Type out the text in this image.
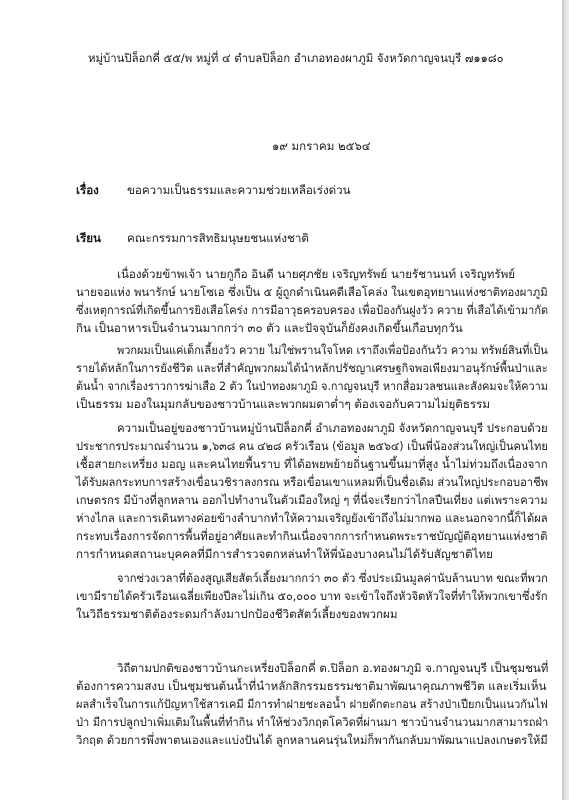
หมู่บ้านปิล็อกคี่ ๕๕/พ หมู่ที่ ๔ ตำบลปิล็อก อำเภอทองผาภูมิ จังหวัดกาญจนบุรี ๗๑๑๘๐
๑๙ มกราคม ๒๕๖๔
เรื่อง ขอความเป็นธรรมและความช่วยเหลือเร่งด่วน
เรียน คณะกรรมการสิทธิมนุษยชนแห่งชาติ
เนื่องด้วยข้าพเจ้า นายกูกือ อินดี นายศุภชัย เจริญทรัพย์ นายรัชานนท์ เจริญทรัพย์
นายจอแห่ง พนารักษ์ นายโซเอ ซึ่งเป็น ๕ ผู้ถูกดำเนินคดีเสือโคล่ง ในเขตอุทยานแห่งชาติทองผาภูมิ
ซึ่งเหตุการณ์ที่เกิดขึ้นการยิงเสือโคร่ง การมีอาวุธครอบครอง เพื่อป้องกันฝูงวัว ควาย ที่เสือได้เข้ามากัด
กิน เป็นอาหารเป็นจำนวนมากกว่า ๓๐ ตัว และปัจจุบันก็ยังคงเกิดขึ้นเกือบทุกวัน
พวกผมเป็นแค่เด็กเลี้ยงวัว ควาย ไม่ใช่พรานใจโหด เราถึงเพื่อป้องกันวัว ความ ทรัพย์สินที่เป็น
รายได้หลักในการยังชีวิต และที่สำคัญพวกผมได้นำหลักปรัชญาเศรษฐกิจพอเพียงมาอนุรักษ์พื้นป่าและ
ต้นน้ำ จากเรื่องราวการฆ่าเสือ 2 ตัว ในป่าทองผาภูมิ จ.กาญจนบุรี หากสื่อมวลชนและสังคมจะให้ความ
เป็นธรรม มองในมุมกลับของชาวบ้านและพวกผมดาต่ำๆ ต้องเจอกับความไม่ยุติธรรม
ความเป็นอยู่ของชาวบ้านหมู่บ้านปิล็อกคี่ อำเภอทองผาภูมิ จังหวัดกาญจนบุรี ประกอบด้วย
ประชากรประมาณจำนวน ๑,๖๓๘ คน ๔๒๘ ครัวเรือน (ข้อมูล ๒๕๖๔) เป็นพี่น้องส่วนใหญ่เป็นคนไทย
เชื้อสายกะเหรี่ยง มอญ และคนไทยพื้นราบ ที่ได้อพยพย้ายถิ่นฐานขึ้นมาที่สูง น้ำไม่ท่วมถึงเนื่องจาก
ได้รับผลกระทบการสร้างเขื่อนวชิราลงกรณ หรือเขื่อนเขาแหลมที่เป็นชื่อเดิม ส่วนใหญ่ประกอบอาชีพ
เกษตรกร มีบ้างที่ลูกหลาน ออกไปทำงานในตัวเมืองใหญ่ ๆ ที่นี่จะเรียกว่าไกลปืนเที่ยง แต่เพราะความ
ห่างไกล และการเดินทางค่อยข้างลำบากทำให้ความเจริญยังเข้าถึงไม่มากพอ และนอกจากนี้ก็ได้ผล
กระทบเรื่องการจัดการพื้นที่อยู่อาศัยและทำกินเนื่องจากการกำหนดพระราชบัญญัติอุทยานแห่งชาติ
การกำหนดสถานะบุคคลที่มีการสำรวจตกหล่นทำให้พี่น้องบางคนไม่ได้รับสัญชาติไทย
จากช่วงเวลาที่ต้องสูญเสียสัตว์เลี้ยงมากกว่า ๓๐ ตัว ซึ่งประเมินมูลค่านับล้านบาท ขณะที่พวก
เขามีรายได้ครัวเรือนเฉลี่ยเพียงปีละไม่เกิน ๕๐,๐๐๐ บาท จะเข้าใจถึงหัวจิตหัวใจที่ทำให้พวกเขาซึ่งรัก
ในวิถีธรรมชาติต้องระดมกำลังมาปกป้องชีวิตสัตว์เลี้ยงของพวกผม
วิถีตามปกติของชาวบ้านกะเหรี่ยงปิล็อกคี่ ต.ปิล็อก อ.ทองผาภูมิ จ.กาญจนบุรี เป็นชุมชนที่
ต้องการความสงบ เป็นชุมชนต้นน้ำที่นำหลักสิกรรมธรรมชาติมาพัฒนาคุณภาพชีวิต และเริ่มเห็น
ผลสำเร็จในการแก้ปัญหาใช้สารเคมี มีการทำฝายชะลอน้ำ ฝายดักตะกอน สร้างป่าเปียกเป็นแนวกันไฟ
ป่า มีการปลูกป่าเพิ่มเติมในพื้นที่ทำกิน ทำให้ช่วงวิกฤตโควิดที่ผ่านมา ชาวบ้านจำนวนมากสามารถฝ่า
วิกฤต ด้วยการพึ่งพาตนเองและแบ่งปันได้ ลูกหลานคนรุ่นใหม่ก็พากันกลับมาพัฒนาแปลงเกษตรให้มี
